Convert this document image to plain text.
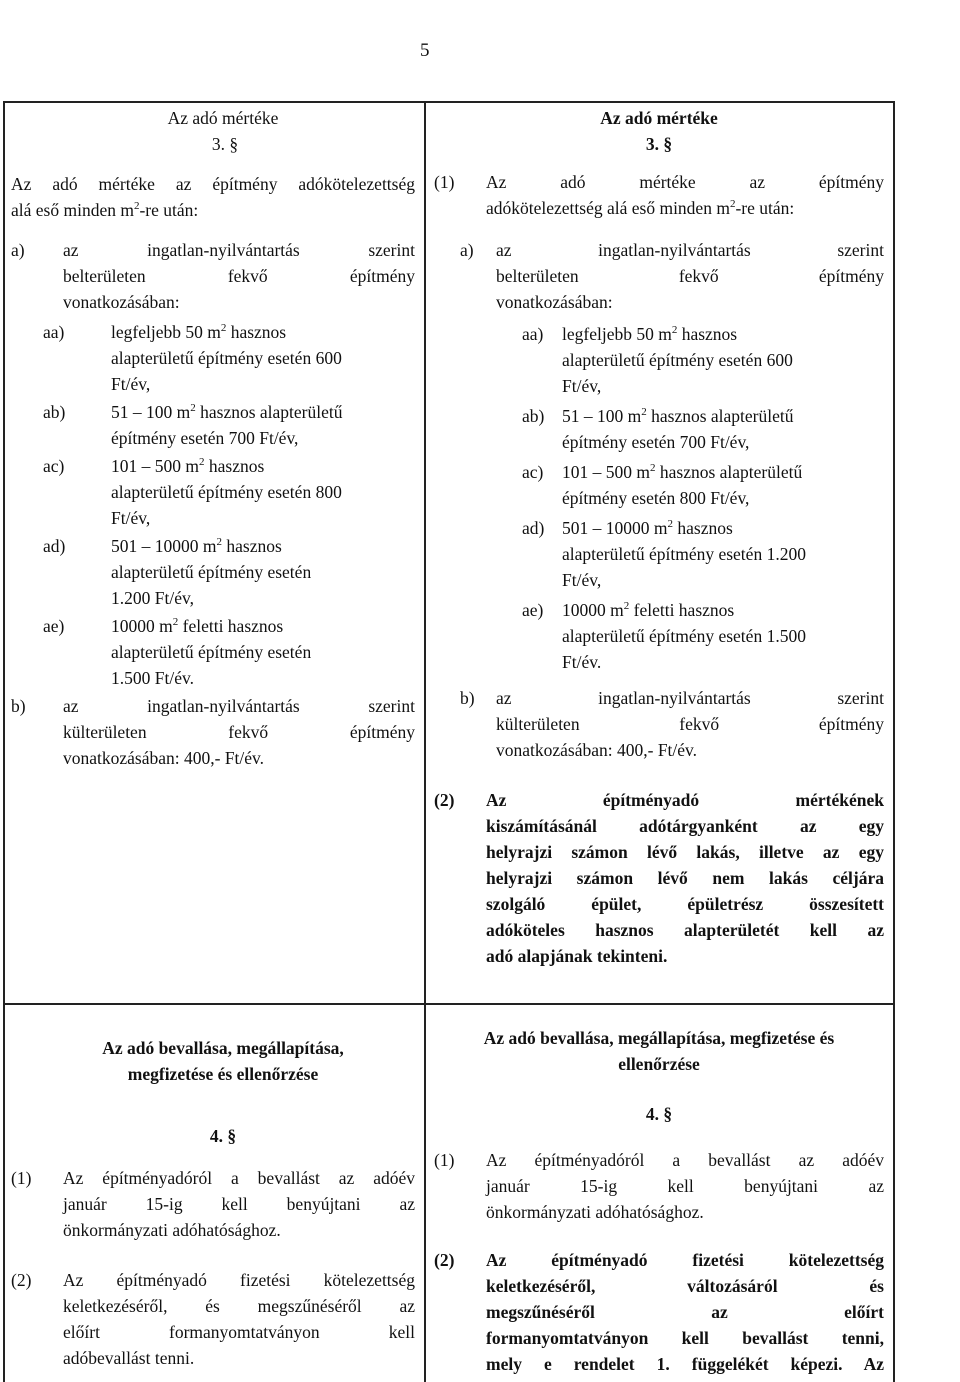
5

Az adó mértéke

3. §

Az adó mértéke az építmény adókötelezettség
alá eső minden $m^2-re$ után:
a) az ingatlan-nyilvántartás szerint
belterületen fekvő építmény
vonatkozásában:
aa)	legfeljebb 50 $m^2$ hasznos
alapterületű építmény esetén 600
Ft/év,
ab)	51 – 100 $m^2$ hasznos alapterületű
építmény esetén 700 Ft/év,
ac)	101 – 500 $m^2$ hasznos
alapterületű építmény esetén 800
Ft/év,
ad)	501 – 10000 $m^2$ hasznos
alapterületű építmény esetén
1.200 Ft/év,
ae)	10000 $m^2$ feletti hasznos
alapterületű építmény esetén
1.500 Ft/év.
b) az ingatlan-nyilvántartás szerint
külterületen fekvő építmény
vonatkozásában: 400,- Ft/év.

Az adó mértéke

3. §

(1) Az adó mértéke az építmény
adókötelezettség alá eső minden $m^2-re$ után:
a) az ingatlan-nyilvántartás szerint
belterületen fekvő építmény
vonatkozásában:
aa) legfeljebb 50 $m^2$ hasznos
alapterületű építmény esetén 600
Ft/év,
ab) 51 – 100 $m^2$ hasznos alapterületű
építmény esetén 700 Ft/év,
ac) 101 – 500 $m^2$ hasznos alapterületű
építmény esetén 800 Ft/év,
ad) 501 – 10000 $m^2$ hasznos
alapterületű építmény esetén 1.200
Ft/év,
ae) 10000 $m^2$ feletti hasznos
alapterületű építmény esetén 1.500
Ft/év.
b) az ingatlan-nyilvántartás szerint
külterületen fekvő építmény
vonatkozásában: 400,- Ft/év.
(2) Az építményadó mértékének
kiszámításánál adótárgyanként az egy
helyrajzi számon lévő lakás, illetve az egy
helyrajzi számon lévő nem lakás céljára
szolgáló épület, épületrész összesített
adóköteles hasznos alapterületét kell az
adó alapjának tekinteni.

Az adó bevallása, megállapítása,

megfizetése és ellenőrzése

4. §

(1) Az építményadóról a bevallást az adóév
január 15-ig kell benyújtani az
önkormányzati adóhatósághoz.
(2) Az építményadó fizetési kötelezettség
keletkezéséről, és megszűnéséről az
előírt formanyomtatványon kell
adóbevallást tenni.

Az adó bevallása, megállapítása, megfizetése és

ellenőrzése

4. §

(1) Az építményadóról a bevallást az adóév
január 15-ig kell benyújtani az
önkormányzati adóhatósághoz.
(2) Az építményadó fizetési kötelezettség
keletkezéséről, változásáról és
megszűnéséről az előírt
formanyomtatványon kell bevallást tenni,
mely e rendelet 1. függelékét képezi. Az
